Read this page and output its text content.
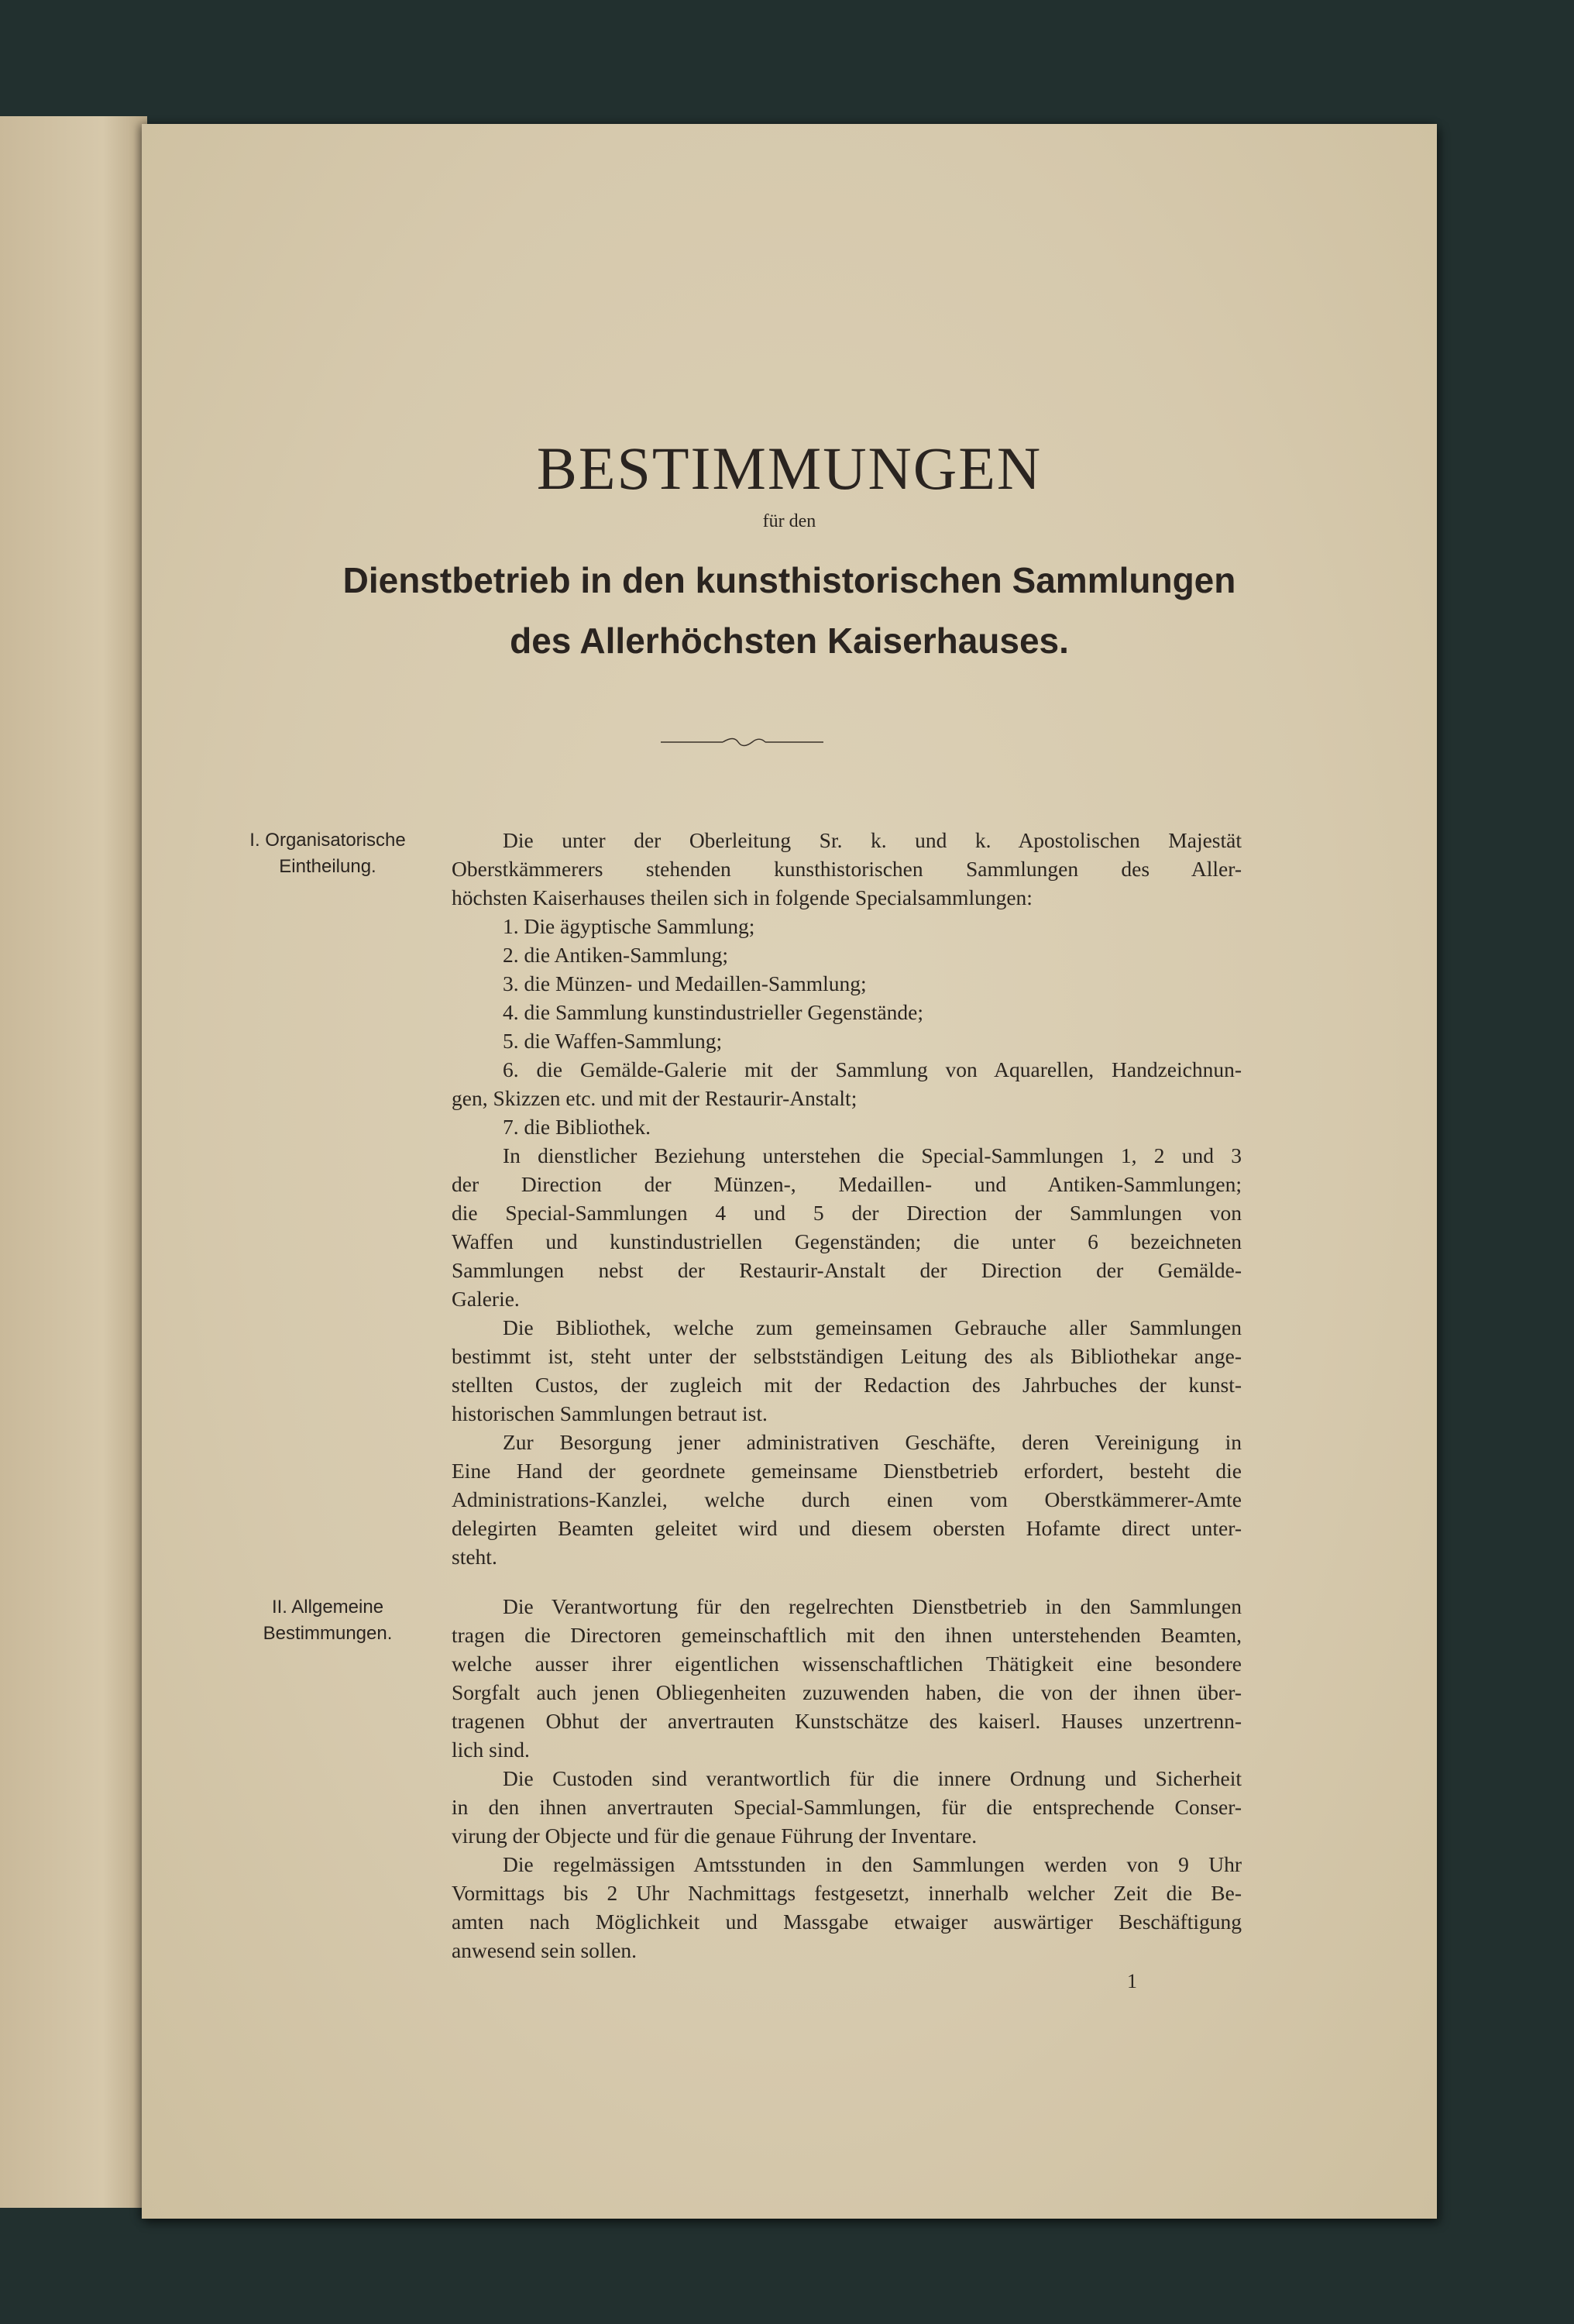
BESTIMMUNGEN
für den
Dienstbetrieb in den kunsthistorischen Sammlungen
des Allerhöchsten Kaiserhauses.
I. Organisatorische
Eintheilung.
Die unter der Oberleitung Sr. k. und k. Apostolischen Majestät
Oberstkämmerers stehenden kunsthistorischen Sammlungen des Aller-
höchsten Kaiserhauses theilen sich in folgende Specialsammlungen:
1. Die ägyptische Sammlung;
2. die Antiken-Sammlung;
3. die Münzen- und Medaillen-Sammlung;
4. die Sammlung kunstindustrieller Gegenstände;
5. die Waffen-Sammlung;
6. die Gemälde-Galerie mit der Sammlung von Aquarellen, Handzeichnun-
gen, Skizzen etc. und mit der Restaurir-Anstalt;
7. die Bibliothek.
In dienstlicher Beziehung unterstehen die Special-Sammlungen 1, 2 und 3
der Direction der Münzen-, Medaillen- und Antiken-Sammlungen;
die Special-Sammlungen 4 und 5 der Direction der Sammlungen von
Waffen und kunstindustriellen Gegenständen; die unter 6 bezeichneten
Sammlungen nebst der Restaurir-Anstalt der Direction der Gemälde-
Galerie.
Die Bibliothek, welche zum gemeinsamen Gebrauche aller Sammlungen
bestimmt ist, steht unter der selbstständigen Leitung des als Bibliothekar ange-
stellten Custos, der zugleich mit der Redaction des Jahrbuches der kunst-
historischen Sammlungen betraut ist.
Zur Besorgung jener administrativen Geschäfte, deren Vereinigung in
Eine Hand der geordnete gemeinsame Dienstbetrieb erfordert, besteht die
Administrations-Kanzlei, welche durch einen vom Oberstkämmerer-Amte
delegirten Beamten geleitet wird und diesem obersten Hofamte direct unter-
steht.
II. Allgemeine
Bestimmungen.
Die Verantwortung für den regelrechten Dienstbetrieb in den Sammlungen
tragen die Directoren gemeinschaftlich mit den ihnen unterstehenden Beamten,
welche ausser ihrer eigentlichen wissenschaftlichen Thätigkeit eine besondere
Sorgfalt auch jenen Obliegenheiten zuzuwenden haben, die von der ihnen über-
tragenen Obhut der anvertrauten Kunstschätze des kaiserl. Hauses unzertrenn-
lich sind.
Die Custoden sind verantwortlich für die innere Ordnung und Sicherheit
in den ihnen anvertrauten Special-Sammlungen, für die entsprechende Conser-
virung der Objecte und für die genaue Führung der Inventare.
Die regelmässigen Amtsstunden in den Sammlungen werden von 9 Uhr
Vormittags bis 2 Uhr Nachmittags festgesetzt, innerhalb welcher Zeit die Be-
amten nach Möglichkeit und Massgabe etwaiger auswärtiger Beschäftigung
anwesend sein sollen.
1
